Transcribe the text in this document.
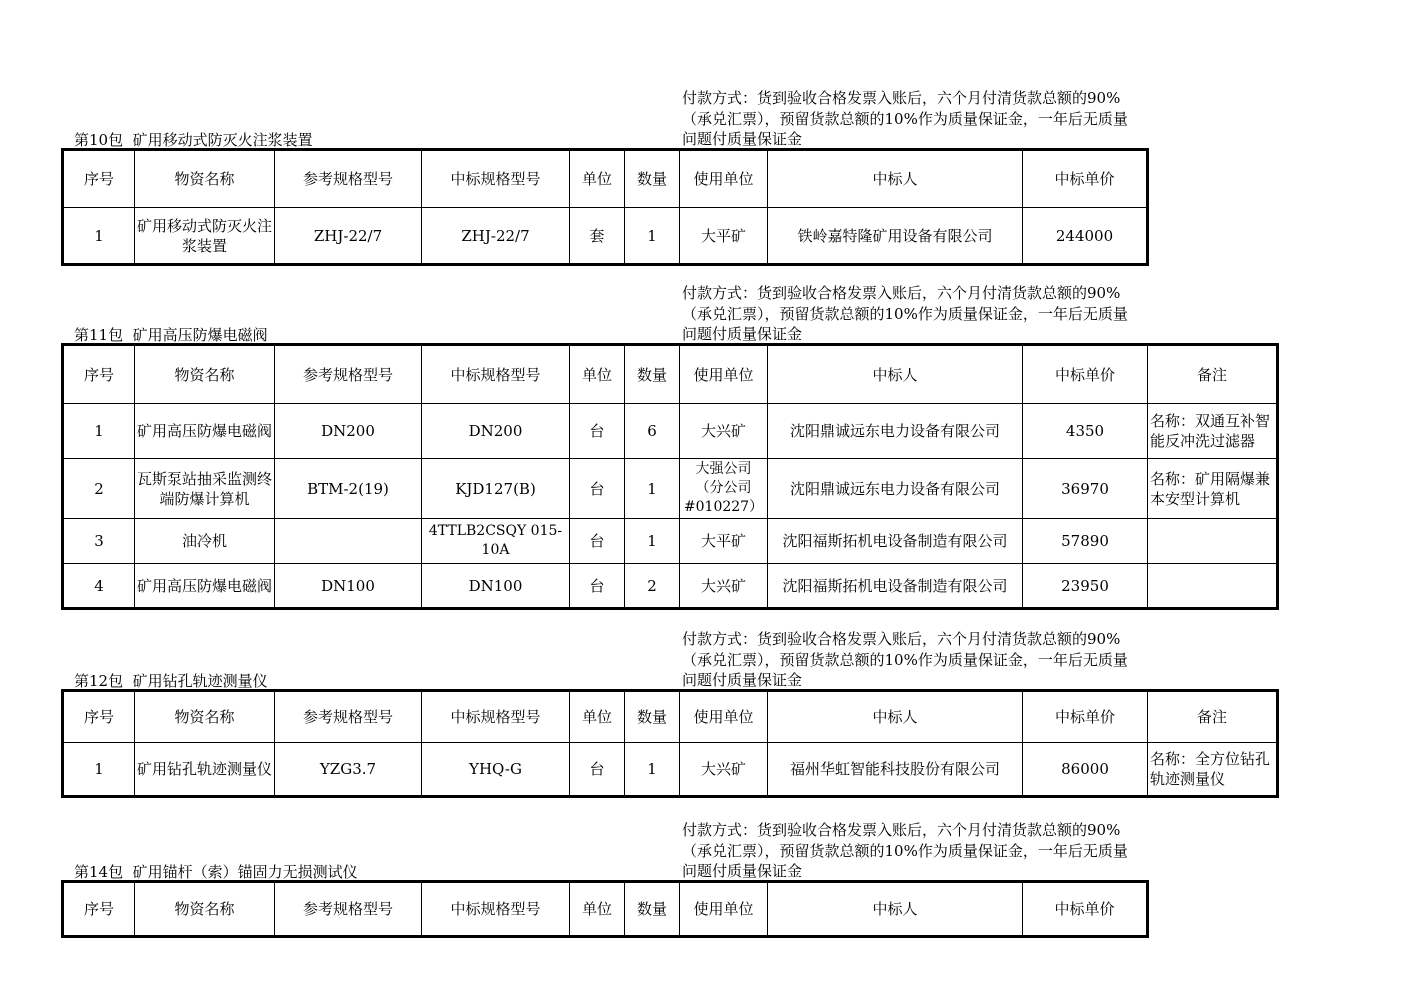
付款方式：货到验收合格发票入账后，六个月付清货款总额的90%（承兑汇票），预留货款总额的10%作为质量保证金，一年后无质量问题付质量保证金
第10包  矿用移动式防灭火注浆装置
序号	物资名称	参考规格型号	中标规格型号	单位	数量	使用单位	中标人	中标单价
1	矿用移动式防灭火注浆装置	ZHJ-22/7	ZHJ-22/7	套	1	大平矿	铁岭嘉特隆矿用设备有限公司	244000
付款方式：货到验收合格发票入账后，六个月付清货款总额的90%（承兑汇票），预留货款总额的10%作为质量保证金，一年后无质量问题付质量保证金
第11包  矿用高压防爆电磁阀
序号	物资名称	参考规格型号	中标规格型号	单位	数量	使用单位	中标人	中标单价	备注
1	矿用高压防爆电磁阀	DN200	DN200	台	6	大兴矿	沈阳鼎诚远东电力设备有限公司	4350	名称：双通互补智能反冲洗过滤器
2	瓦斯泵站抽采监测终端防爆计算机	BTM-2(19)	KJD127(B)	台	1	大强公司（分公司#010227）	沈阳鼎诚远东电力设备有限公司	36970	名称：矿用隔爆兼本安型计算机
3	油冷机		4TTLB2CSQY 015-10A	台	1	大平矿	沈阳福斯拓机电设备制造有限公司	57890	
4	矿用高压防爆电磁阀	DN100	DN100	台	2	大兴矿	沈阳福斯拓机电设备制造有限公司	23950	
付款方式：货到验收合格发票入账后，六个月付清货款总额的90%（承兑汇票），预留货款总额的10%作为质量保证金，一年后无质量问题付质量保证金
第12包  矿用钻孔轨迹测量仪
序号	物资名称	参考规格型号	中标规格型号	单位	数量	使用单位	中标人	中标单价	备注
1	矿用钻孔轨迹测量仪	YZG3.7	YHQ-G	台	1	大兴矿	福州华虹智能科技股份有限公司	86000	名称：全方位钻孔轨迹测量仪
付款方式：货到验收合格发票入账后，六个月付清货款总额的90%（承兑汇票），预留货款总额的10%作为质量保证金，一年后无质量问题付质量保证金
第14包  矿用锚杆（索）锚固力无损测试仪
序号	物资名称	参考规格型号	中标规格型号	单位	数量	使用单位	中标人	中标单价
